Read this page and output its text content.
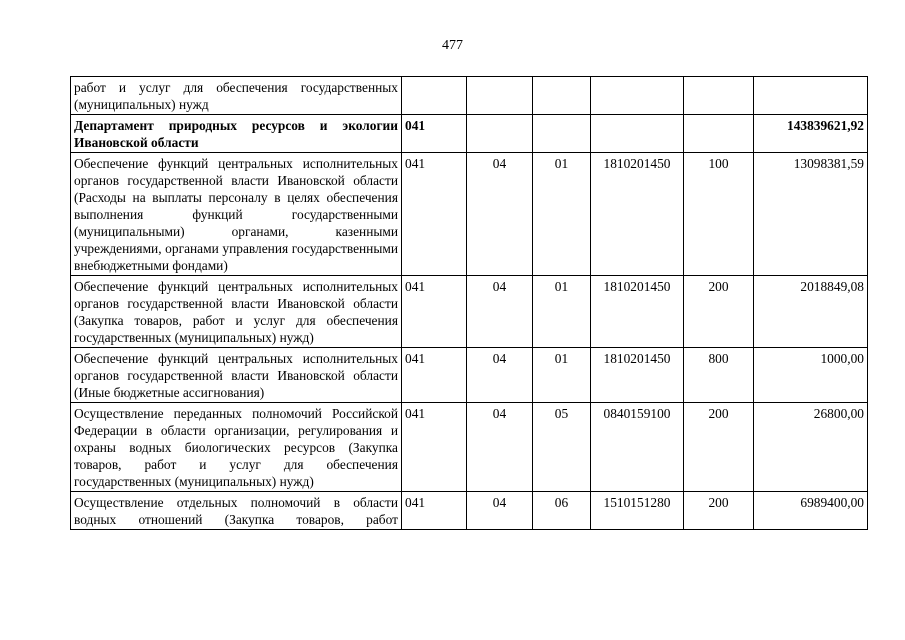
477
работ и услуг для обеспечения государственных (муниципальных) нужд						
Департамент природных ресурсов и экологии Ивановской области	041					143839621,92
Обеспечение функций центральных исполнительных органов государственной власти Ивановской области (Расходы на выплаты персоналу в целях обеспечения выполнения функций государственными (муниципальными) органами, казенными учреждениями, органами управления государственными внебюджетными фондами)	041	04	01	1810201450	100	13098381,59
Обеспечение функций центральных исполнительных органов государственной власти Ивановской области (Закупка товаров, работ и услуг для обеспечения государственных (муниципальных) нужд)	041	04	01	1810201450	200	2018849,08
Обеспечение функций центральных исполнительных органов государственной власти Ивановской области (Иные бюджетные ассигнования)	041	04	01	1810201450	800	1000,00
Осуществление переданных полномочий Российской Федерации в области организации, регулирования и охраны водных биологических ресурсов (Закупка товаров, работ и услуг для обеспечения государственных (муниципальных) нужд)	041	04	05	0840159100	200	26800,00
Осуществление отдельных полномочий в области водных отношений (Закупка товаров, работ	041	04	06	1510151280	200	6989400,00
